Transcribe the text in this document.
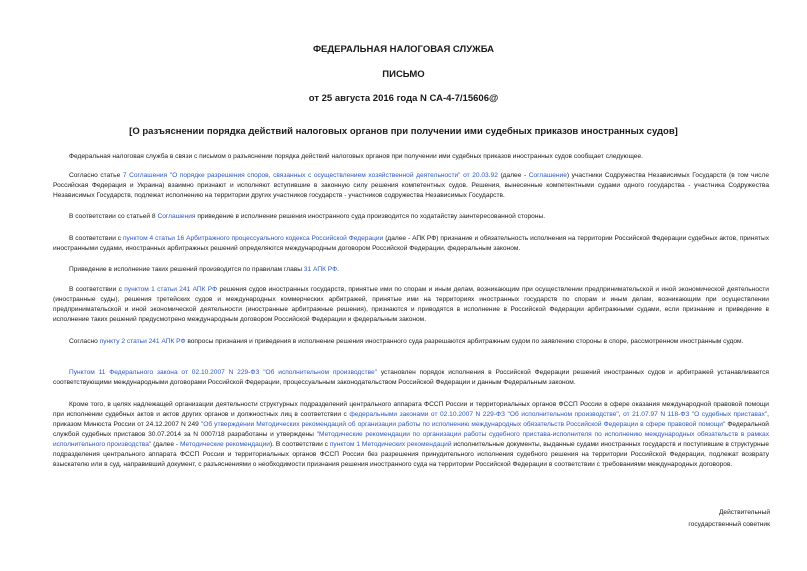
ФЕДЕРАЛЬНАЯ НАЛОГОВАЯ СЛУЖБА
ПИСЬМО
от 25 августа 2016 года N СА-4-7/15606@
[О разъяснении порядка действий налоговых органов при получении ими судебных приказов иностранных судов]
Федеральная налоговая служба в связи с письмом о разъяснении порядка действий налоговых органов при получении ими судебных приказов иностранных судов сообщает следующее.
Согласно статье 7 Соглашения "О порядке разрешения споров, связанных с осуществлением хозяйственной деятельности" от 20.03.92 (далее - Соглашение) участники Содружества Независимых Государств (в том числе Российская Федерация и Украина) взаимно признают и исполняют вступившие в законную силу решения компетентных судов. Решения, вынесенные компетентными судами одного государства - участника Содружества Независимых Государств, подлежат исполнению на территории других участников государств - участников содружества Независимых Государств.
В соответствии со статьей 8 Соглашения приведение в исполнение решения иностранного суда производится по ходатайству заинтересованной стороны.
В соответствии с пунктом 4 статьи 16 Арбитражного процессуального кодекса Российской Федерации (далее - АПК РФ) признание и обязательность исполнения на территории Российской Федерации судебных актов, принятых иностранными судами, иностранных арбитражных решений определяются международным договором Российской Федерации, федеральным законом.
Приведение в исполнение таких решений производится по правилам главы 31 АПК РФ.
В соответствии с пунктом 1 статьи 241 АПК РФ решения судов иностранных государств, принятые ими по спорам и иным делам, возникающим при осуществлении предпринимательской и иной экономической деятельности (иностранные суды), решения третейских судов и международных коммерческих арбитражей, принятые ими на территориях иностранных государств по спорам и иным делам, возникающим при осуществлении предпринимательской и иной экономической деятельности (иностранные арбитражные решения), признаются и приводятся в исполнение в Российской Федерации арбитражными судами, если признание и приведение в исполнение таких решений предусмотрено международным договором Российской Федерации и федеральным законом.
Согласно пункту 2 статьи 241 АПК РФ вопросы признания и приведения в исполнение решения иностранного суда разрешаются арбитражным судом по заявлению стороны в споре, рассмотренном иностранным судом.
Пунктом 11 Федерального закона от 02.10.2007 N 229-ФЗ "Об исполнительном производстве" установлен порядок исполнения в Российской Федерации решений иностранных судов и арбитражей устанавливается соответствующими международными договорами Российской Федерации, процессуальным законодательством Российской Федерации и данным Федеральным законом.
Кроме того, в целях надлежащей организации деятельности структурных подразделений центрального аппарата ФССП России и территориальных органов ФССП России в сфере оказания международной правовой помощи при исполнении судебных актов и актов других органов и должностных лиц в соответствии с федеральными законами от 02.10.2007 N 229-ФЗ "Об исполнительном производстве", от 21.07.97 N 118-ФЗ "О судебных приставах", приказом Минюста России от 24.12.2007 N 249 "Об утверждении Методических рекомендаций об организации работы по исполнению международных обязательств Российской Федерации в сфере правовой помощи" Федеральной службой судебных приставов 30.07.2014 за N 0007/18 разработаны и утверждены "Методические рекомендации по организации работы судебного пристава-исполнителя по исполнению международных обязательств в рамках исполнительного производства" (далее - Методические рекомендации). В соответствии с пунктом 1 Методических рекомендаций исполнительные документы, выданные судами иностранных государств и поступившие в структурные подразделения центрального аппарата ФССП России и территориальных органов ФССП России без разрешения принудительного исполнения судебного решения на территории Российской Федерации, подлежат возврату взыскателю или в суд, направивший документ, с разъяснениями о необходимости признания решения иностранного суда на территории Российской Федерации в соответствии с требованиями международных договоров.
Действительный
государственный советник
